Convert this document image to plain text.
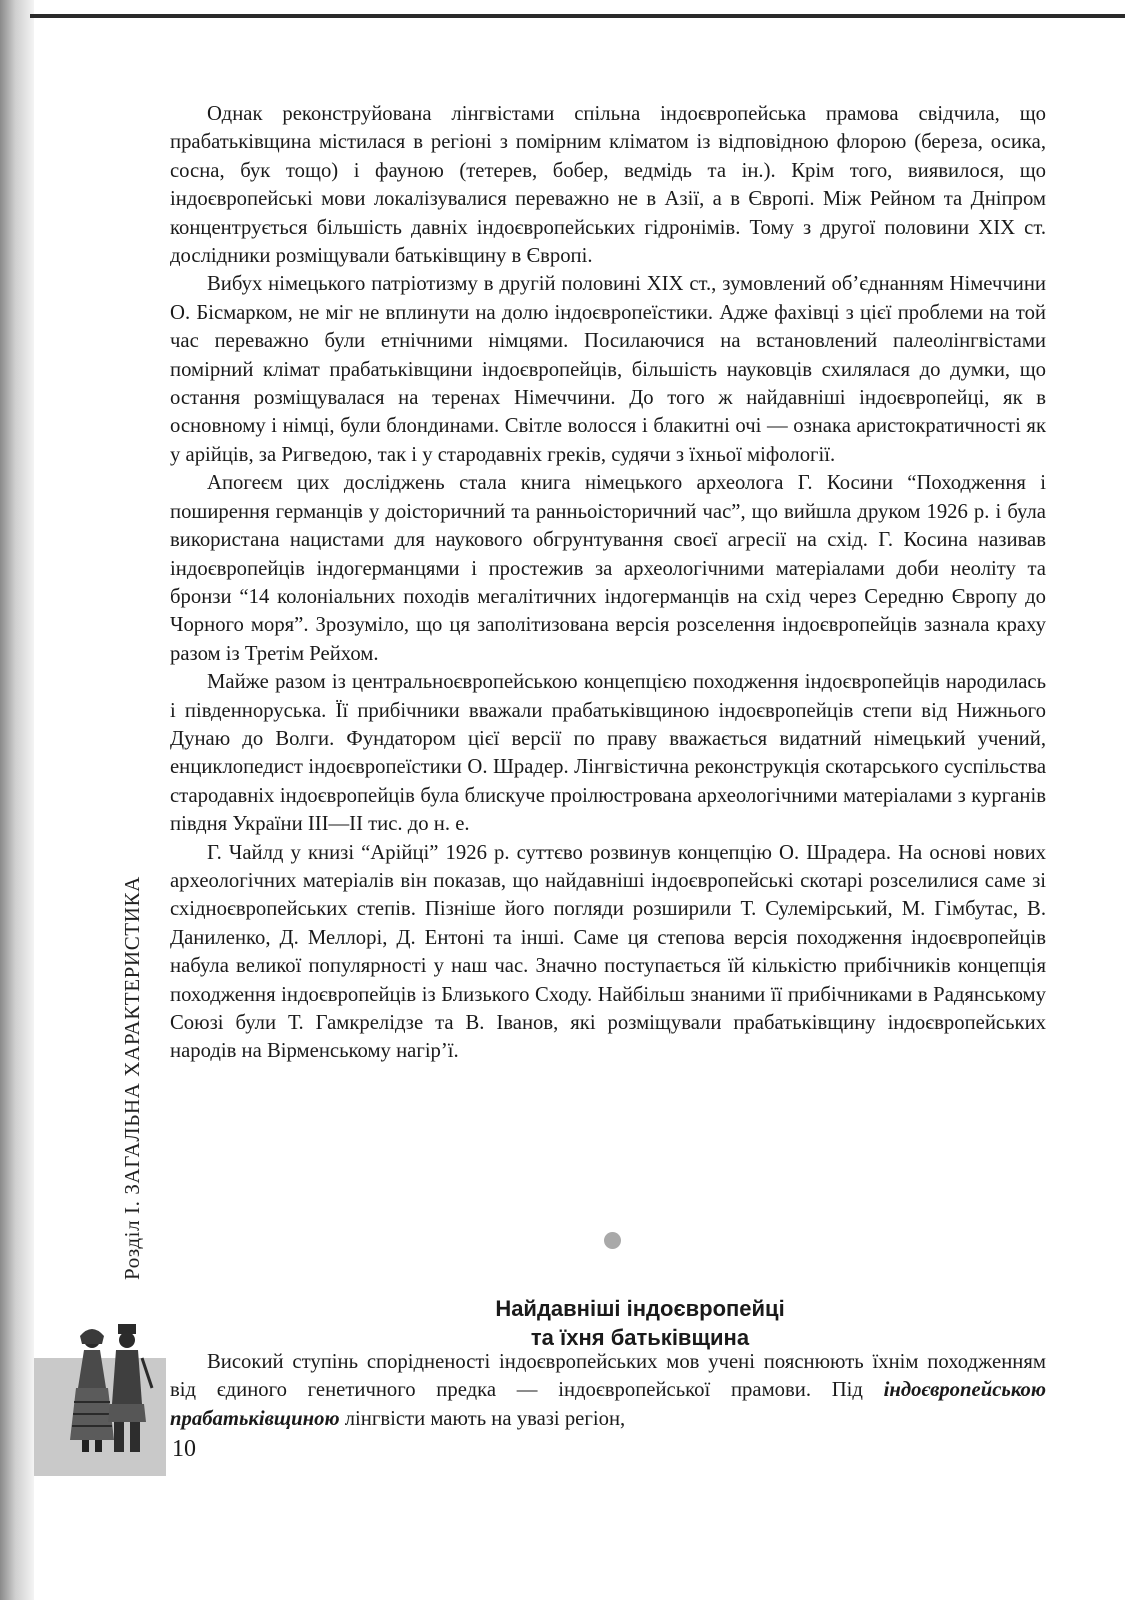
Розділ І. ЗАГАЛЬНА ХАРАКТЕРИСТИКА

Однак реконструйована лінгвістами спільна індоєвропейська прамова свідчила, що прабатьківщина містилася в регіоні з помірним кліматом із відповідною флорою (береза, осика, сосна, бук тощо) і фауною (тетерев, бобер, ведмідь та ін.). Крім того, виявилося, що індоєвропейські мови локалізувалися переважно не в Азії, а в Європі. Між Рейном та Дніпром концентрується більшість давніх індоєвропейських гідронімів. Тому з другої половини XIX ст. дослідники розміщували батьківщину в Європі.

Вибух німецького патріотизму в другій половині XIX ст., зумовлений об’єднанням Німеччини О. Бісмарком, не міг не вплинути на долю індоєвропеїстики. Адже фахівці з цієї проблеми на той час переважно були етнічними німцями. Посилаючися на встановлений палеолінгвістами помірний клімат прабатьківщини індоєвропейців, більшість науковців схилялася до думки, що остання розміщувалася на теренах Німеччини. До того ж найдавніші індоєвропейці, як в основному і німці, були блондинами. Світле волосся і блакитні очі — ознака аристократичності як у арійців, за Ригведою, так і у стародавніх греків, судячи з їхньої міфології.

Апогеєм цих досліджень стала книга німецького археолога Г. Косини “Походження і поширення германців у доісторичний та ранньоісторичний час”, що вийшла друком 1926 р. і була використана нацистами для наукового обгрунтування своєї агресії на схід. Г. Косина називав індоєвропейців індогерманцями і простежив за археологічними матеріалами доби неоліту та бронзи “14 колоніальних походів мегалітичних індогерманців на схід через Середню Європу до Чорного моря”. Зрозуміло, що ця заполітизована версія розселення індоєвропейців зазнала краху разом із Третім Рейхом.

Майже разом із центральноєвропейською концепцією походження індоєвропейців народилась і південноруська. Її прибічники вважали прабатьківщиною індоєвропейців степи від Нижнього Дунаю до Волги. Фундатором цієї версії по праву вважається видатний німецький учений, енциклопедист індоєвропеїстики О. Шрадер. Лінгвістична реконструкція скотарського суспільства стародавніх індоєвропейців була блискуче проілюстрована археологічними матеріалами з курганів півдня України III—II тис. до н. е.

Г. Чайлд у книзі “Арійці” 1926 р. суттєво розвинув концепцію О. Шрадера. На основі нових археологічних матеріалів він показав, що найдавніші індоєвропейські скотарі розселилися саме зі східноєвропейських степів. Пізніше його погляди розширили Т. Сулемірський, М. Гімбутас, В. Даниленко, Д. Меллорі, Д. Ентоні та інші. Саме ця степова версія походження індоєвропейців набула великої популярності у наш час. Значно поступається їй кількістю прибічників концепція походження індоєвропейців із Близького Сходу. Найбільш знаними її прибічниками в Радянському Союзі були Т. Гамкрелідзе та В. Іванов, які розміщували прабатьківщину індоєвропейських народів на Вірменському нагір’ї.

Найдавніші індоєвропейці
та їхня батьківщина

Високий ступінь спорідненості індоєвропейських мов учені пояснюють їхнім походженням від єдиного генетичного предка — індоєвропейської прамови. Під індоєвропейською прабатьківщиною лінгвісти мають на увазі регіон,

10
